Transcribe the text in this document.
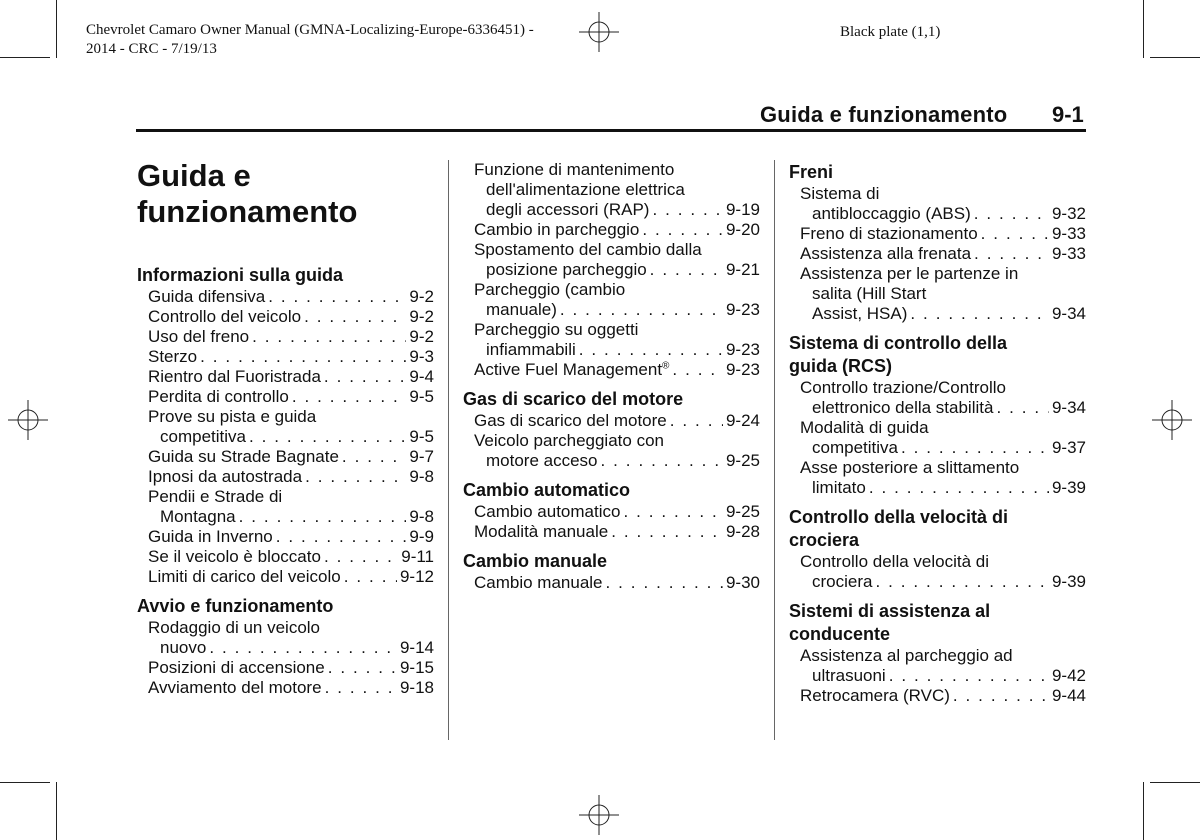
Chevrolet Camaro Owner Manual (GMNA-Localizing-Europe-6336451) -
2014 - CRC - 7/19/13
Black plate (1,1)
Guida e funzionamento 9-1
Guida e
funzionamento
Informazioni sulla guida
Guida difensiva . . .	9-2
Controllo del veicolo . . .	9-2
Uso del freno . . .	9-2
Sterzo . . .	9-3
Rientro dal Fuoristrada . . .	9-4
Perdita di controllo . . .	9-5
Prove su pista e guida
competitiva . . .	9-5
Guida su Strade Bagnate . . .	9-7
Ipnosi da autostrada . . .	9-8
Pendii e Strade di
Montagna . . .	9-8
Guida in Inverno . . .	9-9
Se il veicolo è bloccato . . .	9-11
Limiti di carico del veicolo . . .	9-12
Avvio e funzionamento
Rodaggio di un veicolo
nuovo . . .	9-14
Posizioni di accensione . . .	9-15
Avviamento del motore . . .	9-18
Funzione di mantenimento
dell'alimentazione elettrica
degli accessori (RAP) . . .	9-19
Cambio in parcheggio . . .	9-20
Spostamento del cambio dalla
posizione parcheggio . . .	9-21
Parcheggio (cambio
manuale) . . .	9-23
Parcheggio su oggetti
infiammabili . . .	9-23
Active Fuel Management® . . .	9-23
Gas di scarico del motore
Gas di scarico del motore . . .	9-24
Veicolo parcheggiato con
motore acceso . . .	9-25
Cambio automatico
Cambio automatico . . .	9-25
Modalità manuale . . .	9-28
Cambio manuale
Cambio manuale . . .	9-30
Freni
Sistema di
antibloccaggio (ABS) . . .	9-32
Freno di stazionamento . . .	9-33
Assistenza alla frenata . . .	9-33
Assistenza per le partenze in
salita (Hill Start
Assist, HSA) . . .	9-34
Sistema di controllo della
guida (RCS)
Controllo trazione/Controllo
elettronico della stabilità . . .	9-34
Modalità di guida
competitiva . . .	9-37
Asse posteriore a slittamento
limitato . . .	9-39
Controllo della velocità di
crociera
Controllo della velocità di
crociera . . .	9-39
Sistemi di assistenza al
conducente
Assistenza al parcheggio ad
ultrasuoni . . .	9-42
Retrocamera (RVC) . . .	9-44
